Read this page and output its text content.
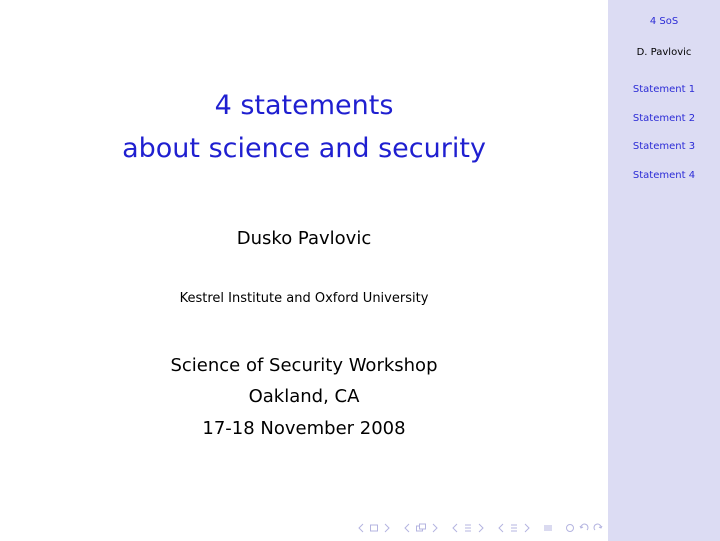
4 statements
about science and security
Dusko Pavlovic
Kestrel Institute and Oxford University
Science of Security Workshop
Oakland, CA
17-18 November 2008
4 SoS
D. Pavlovic
Statement 1
Statement 2
Statement 3
Statement 4
